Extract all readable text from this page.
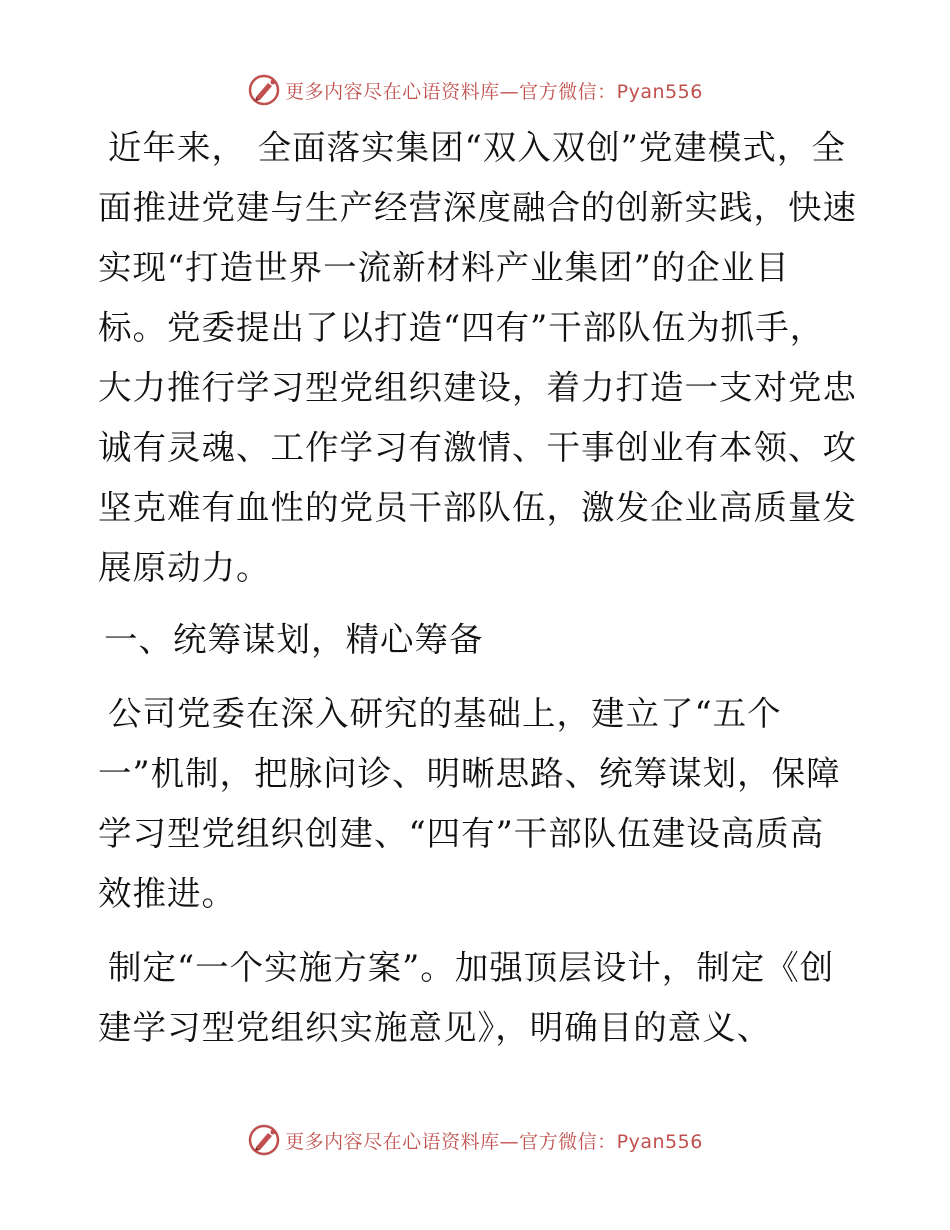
更多内容尽在心语资料库—官方微信：Pyan556

近年来， 全面落实集团“双入双创”党建模式，全面推进党建与生产经营深度融合的创新实践，快速实现“打造世界一流新材料产业集团”的企业目标。党委提出了以打造“四有”干部队伍为抓手，大力推行学习型党组织建设，着力打造一支对党忠诚有灵魂、工作学习有激情、干事创业有本领、攻坚克难有血性的党员干部队伍，激发企业高质量发展原动力。

一、统筹谋划，精心筹备

公司党委在深入研究的基础上，建立了“五个一”机制，把脉问诊、明晰思路、统筹谋划，保障学习型党组织创建、“四有”干部队伍建设高质高效推进。

制定“一个实施方案”。加强顶层设计，制定《创建学习型党组织实施意见》，明确目的意义、

更多内容尽在心语资料库—官方微信：Pyan556
